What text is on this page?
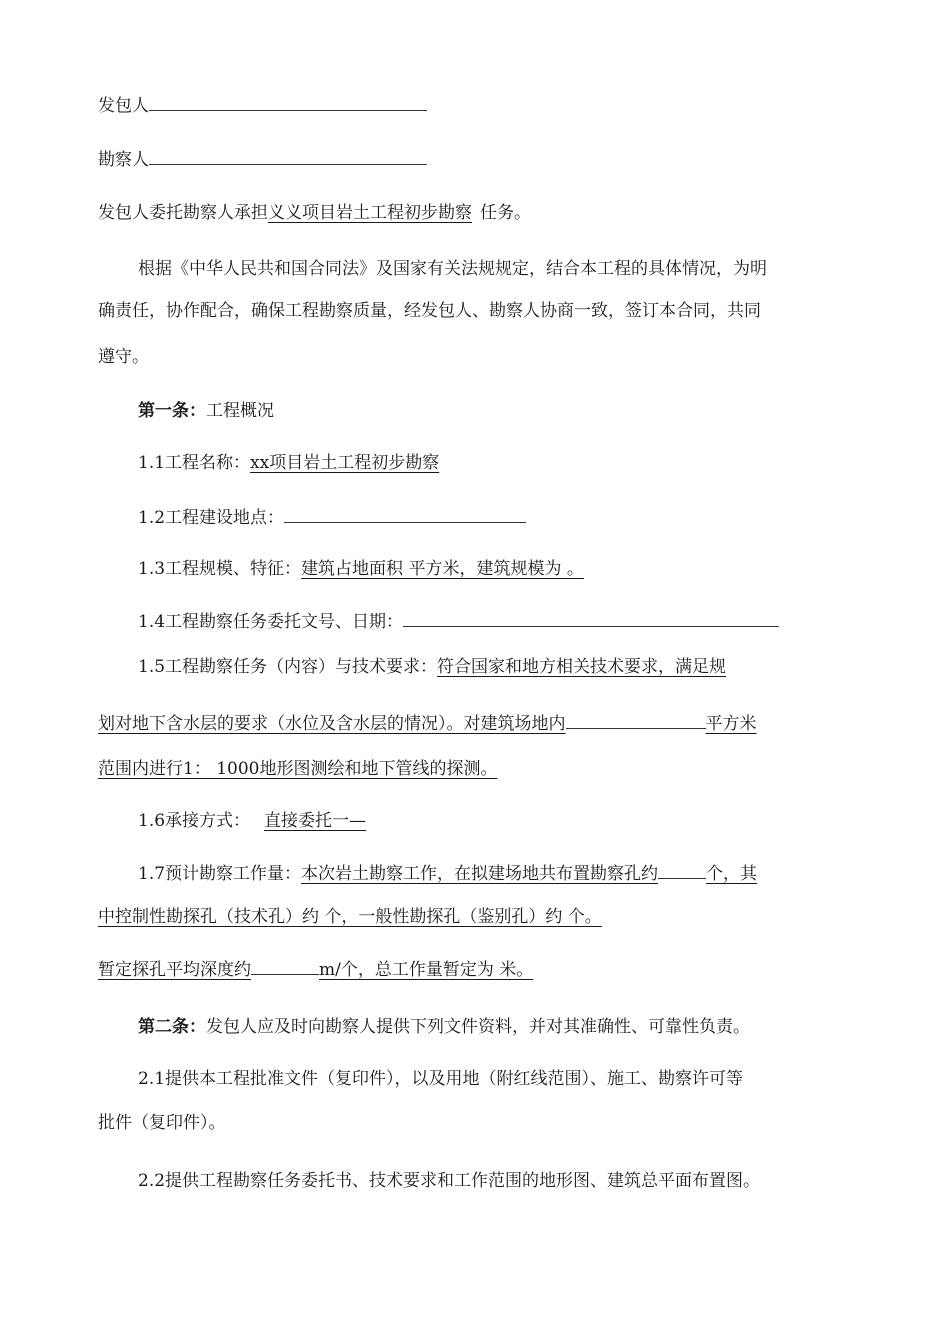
发包人
勘察人
发包人委托勘察人承担义义项目岩土工程初步勘察 任务。
根据《中华人民共和国合同法》及国家有关法规规定，结合本工程的具体情况，为明
确责任，协作配合，确保工程勘察质量，经发包人、勘察人协商一致，签订本合同，共同
遵守。
第一条：工程概况
1.1工程名称：xx项目岩土工程初步勘察
1.2工程建设地点：
1.3工程规模、特征：建筑占地面积 平方米，建筑规模为 。
1.4工程勘察任务委托文号、日期：
1.5工程勘察任务（内容）与技术要求：符合国家和地方相关技术要求，满足规
划对地下含水层的要求（水位及含水层的情况）。对建筑场地内	平方米
范围内进行1： 1000地形图测绘和地下管线的探测。
1.6承接方式： 直接委托一—
1.7预计勘察工作量：本次岩土勘察工作，在拟建场地共布置勘察孔约	个，其
中控制性勘探孔（技术孔）约 个，一般性勘探孔（鉴别孔）约 个。
暂定探孔平均深度约	m/个，总工作量暂定为 米。
第二条：发包人应及时向勘察人提供下列文件资料，并对其准确性、可靠性负责。
2.1提供本工程批准文件（复印件），以及用地（附红线范围）、施工、勘察许可等
批件（复印件）。
2.2提供工程勘察任务委托书、技术要求和工作范围的地形图、建筑总平面布置图。
